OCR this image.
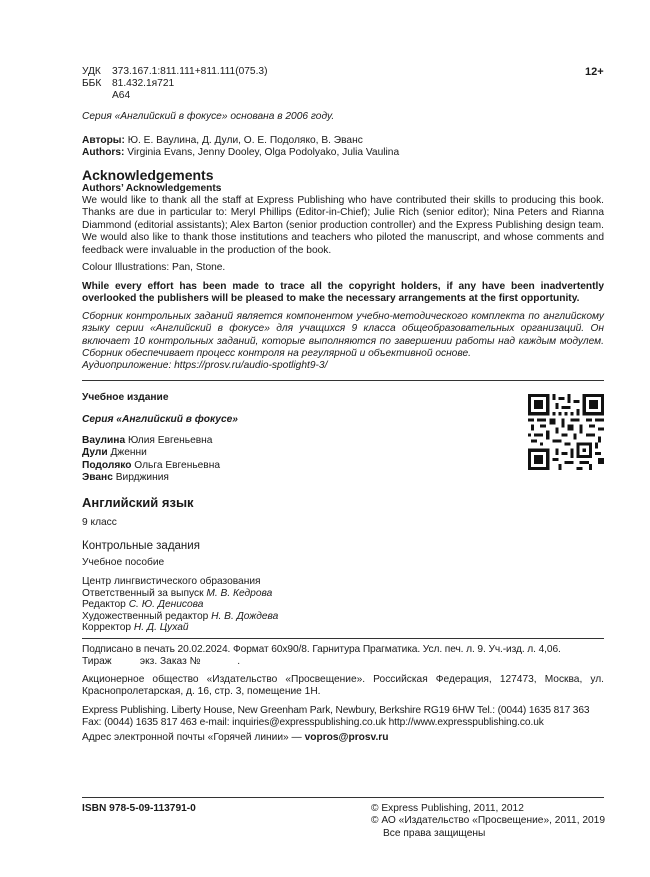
УДК	373.167.1:811.111+811.111(075.3)
ББК	81.432.1я721
А64
12+
Серия «Английский в фокусе» основана в 2006 году.
Авторы: Ю. Е. Ваулина, Д. Дули, О. Е. Подоляко, В. Эванс
Authors: Virginia Evans, Jenny Dooley, Olga Podolyako, Julia Vaulina
Acknowledgements
Authors’ Acknowledgements
We would like to thank all the staff at Express Publishing who have contributed their skills to producing this book. Thanks are due in particular to: Meryl Phillips (Editor-in-Chief); Julie Rich (senior editor); Nina Peters and Rianna Diammond (editorial assistants); Alex Barton (senior production controller) and the Express Publishing design team. We would also like to thank those institutions and teachers who piloted the manuscript, and whose comments and feedback were invaluable in the production of the book.
Colour Illustrations: Pan, Stone.
While every effort has been made to trace all the copyright holders, if any have been inadvertently overlooked the publishers will be pleased to make the necessary arrangements at the first opportunity.
Сборник контрольных заданий является компонентом учебно-методического комплекта по английскому языку серии «Английский в фокусе» для учащихся 9 класса общеобразовательных организаций. Он включает 10 контрольных заданий, которые выполняются по завершении работы над каждым модулем. Сборник обеспечивает процесс контроля на регулярной и объективной основе.
Аудиоприложение: https://prosv.ru/audio-spotlight9-3/
Учебное издание
Серия «Английский в фокусе»
Ваулина Юлия Евгеньевна
Дули Дженни
Подоляко Ольга Евгеньевна
Эванс Вирджиния
Английский язык
9 класс
Контрольные задания
Учебное пособие
Центр лингвистического образования
Ответственный за выпуск М. В. Кедрова
Редактор С. Ю. Денисова
Художественный редактор Н. В. Дождева
Корректор Н. Д. Цухай
Подписано в печать 20.02.2024. Формат 60х90/8. Гарнитура Прагматика. Усл. печ. л. 9. Уч.-изд. л. 4,06.
Тираж          экз. Заказ №             .
Акционерное общество «Издательство «Просвещение». Российская Федерация, 127473, Москва, ул. Краснопролетарская, д. 16, стр. 3, помещение 1Н.
Express Publishing. Liberty House, New Greenham Park, Newbury, Berkshire RG19 6HW Tel.: (0044) 1635 817 363
Fax: (0044) 1635 817 463 e-mail: inquiries@expresspublishing.co.uk http://www.expresspublishing.co.uk
Адрес электронной почты «Горячей линии» — vopros@prosv.ru
ISBN 978-5-09-113791-0	© Express Publishing, 2011, 2012
© АО «Издательство «Просвещение», 2011, 2019
Все права защищены
